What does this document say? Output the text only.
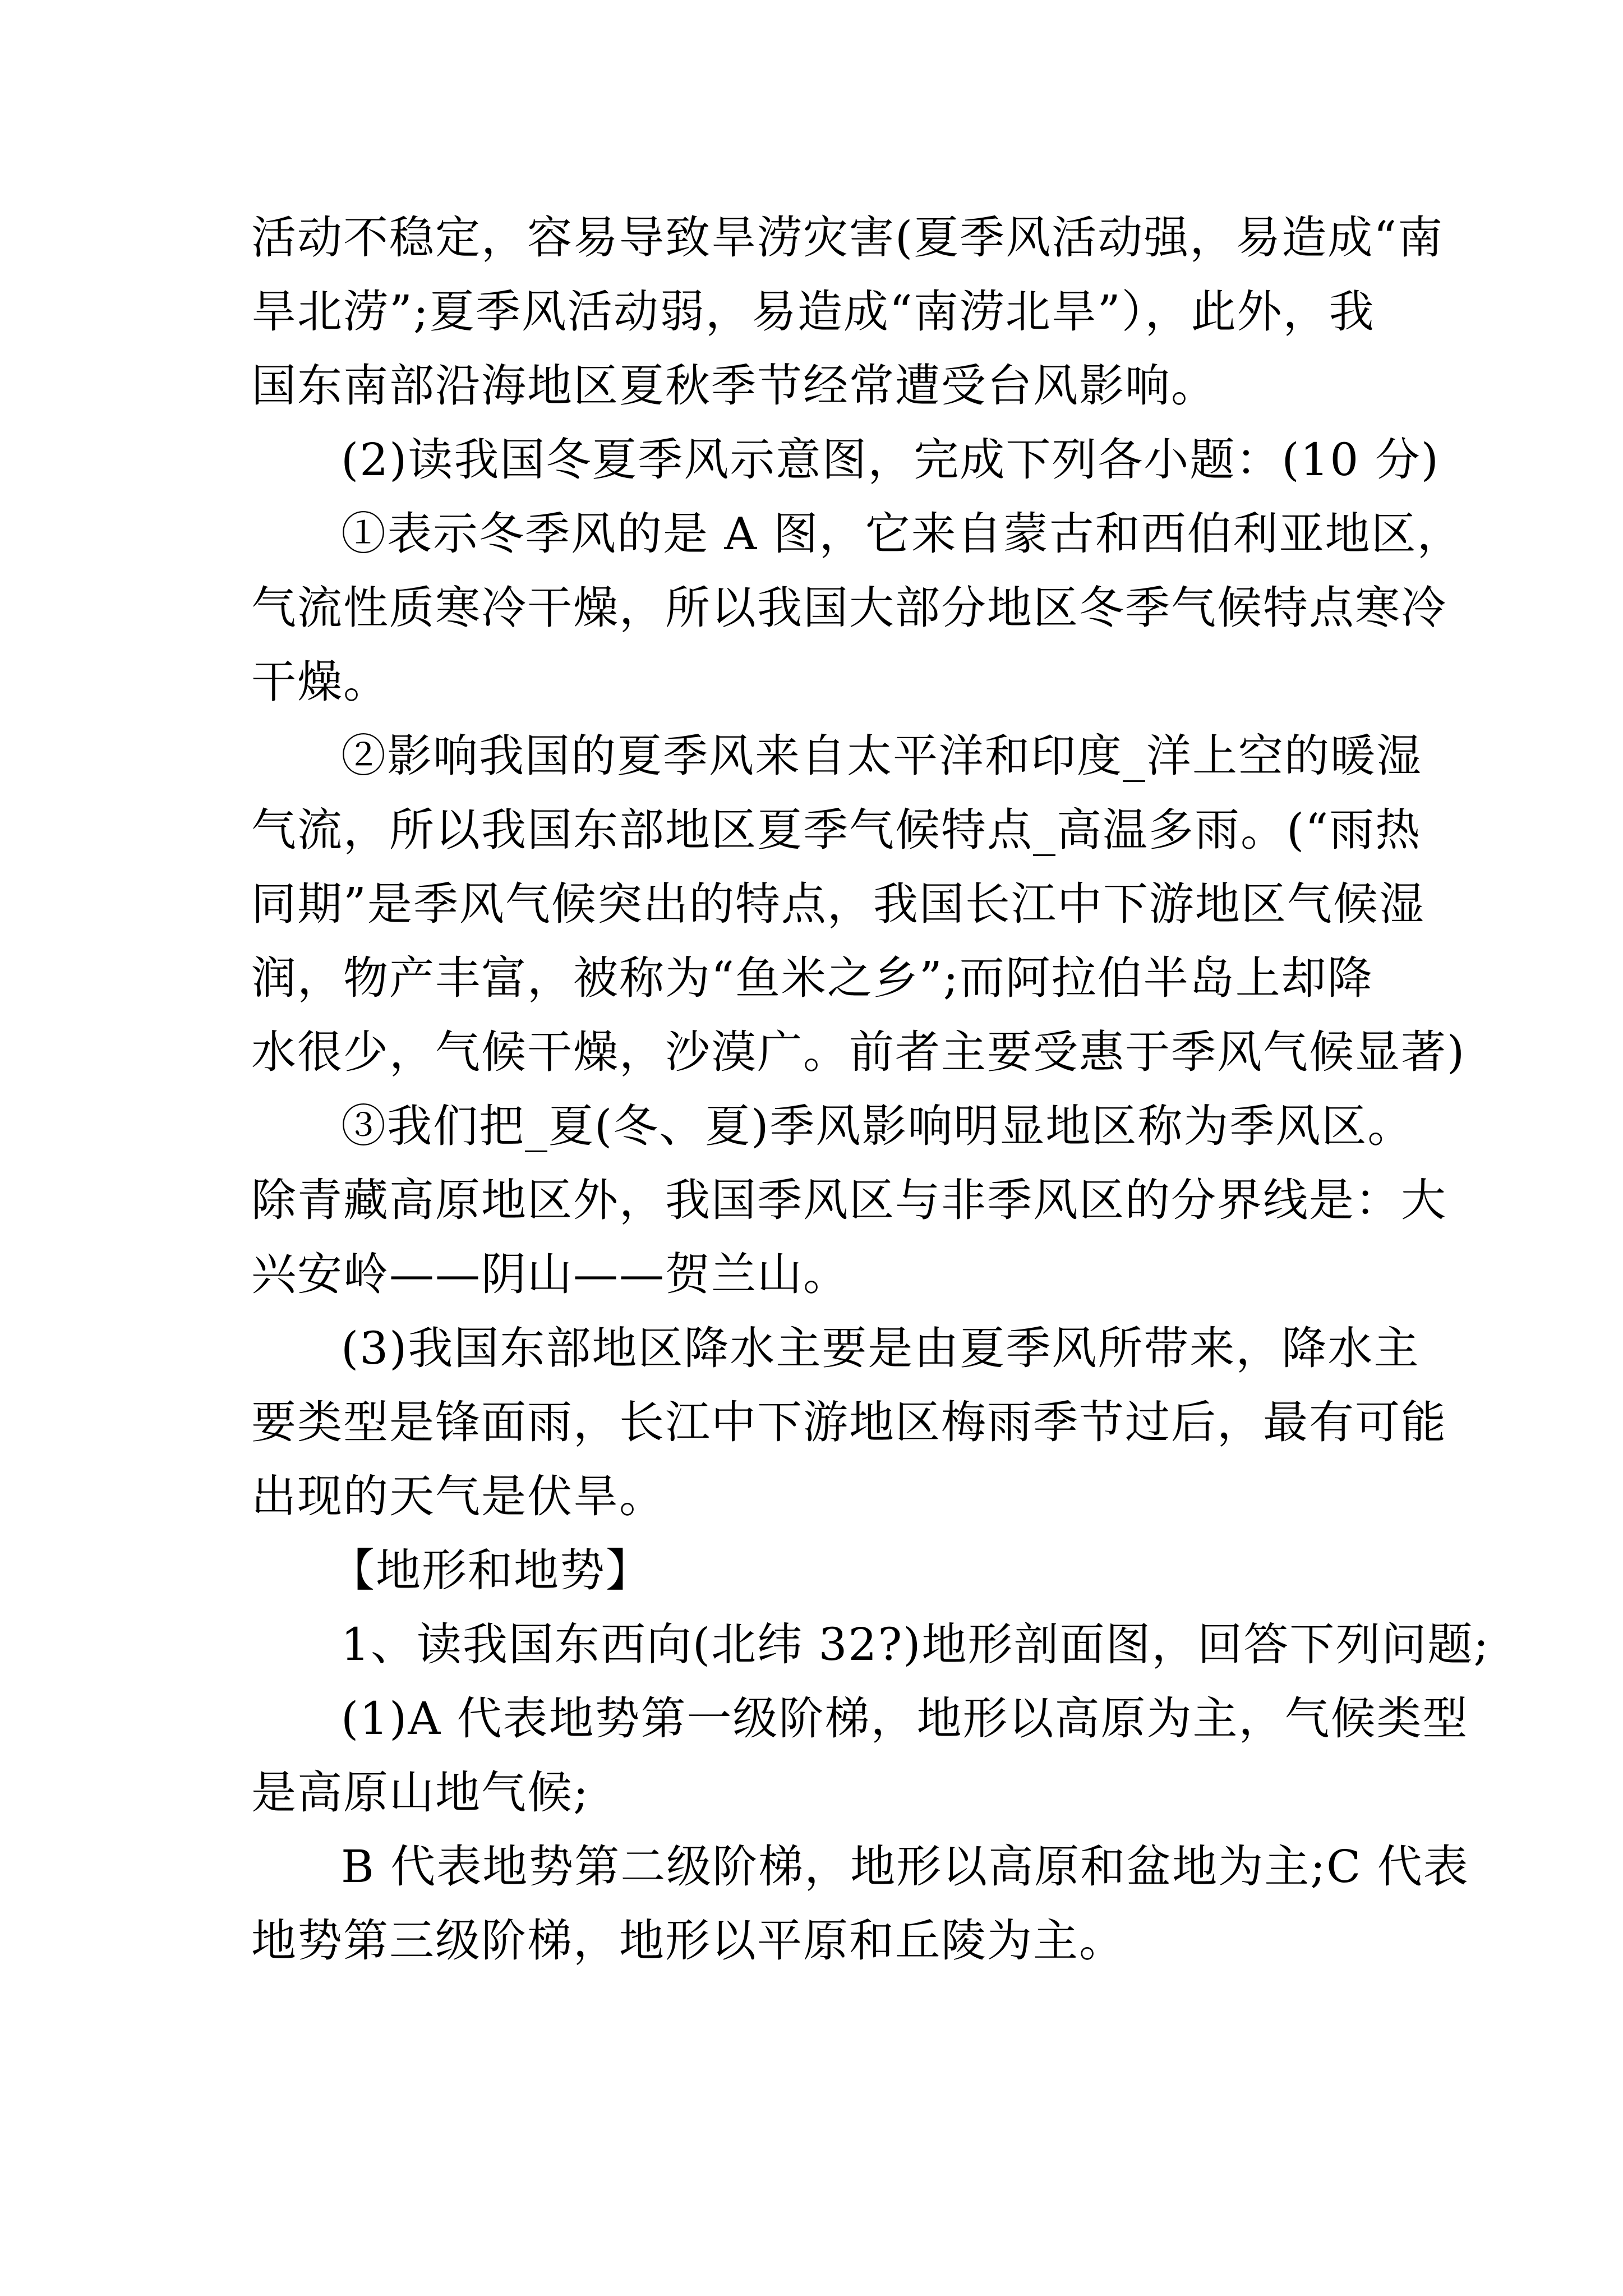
活动不稳定，容易导致旱涝灾害(夏季风活动强，易造成“南
旱北涝”;夏季风活动弱，易造成“南涝北旱”），此外，我
国东南部沿海地区夏秋季节经常遭受台风影响。
(2)读我国冬夏季风示意图，完成下列各小题：(10 分)
①表示冬季风的是 A 图，它来自蒙古和西伯利亚地区，
气流性质寒冷干燥，所以我国大部分地区冬季气候特点寒冷
干燥。
②影响我国的夏季风来自太平洋和印度_洋上空的暖湿
气流，所以我国东部地区夏季气候特点_高温多雨。(“雨热
同期”是季风气候突出的特点，我国长江中下游地区气候湿
润，物产丰富，被称为“鱼米之乡”;而阿拉伯半岛上却降
水很少，气候干燥，沙漠广。前者主要受惠于季风气候显著)
③我们把_夏(冬、夏)季风影响明显地区称为季风区。
除青藏高原地区外，我国季风区与非季风区的分界线是：大
兴安岭——阴山——贺兰山。
(3)我国东部地区降水主要是由夏季风所带来，降水主
要类型是锋面雨，长江中下游地区梅雨季节过后，最有可能
出现的天气是伏旱。
【地形和地势】
1、读我国东西向(北纬 32?)地形剖面图，回答下列问题;
(1)A 代表地势第一级阶梯，地形以高原为主，气候类型
是高原山地气候;
B 代表地势第二级阶梯，地形以高原和盆地为主;C 代表
地势第三级阶梯，地形以平原和丘陵为主。
